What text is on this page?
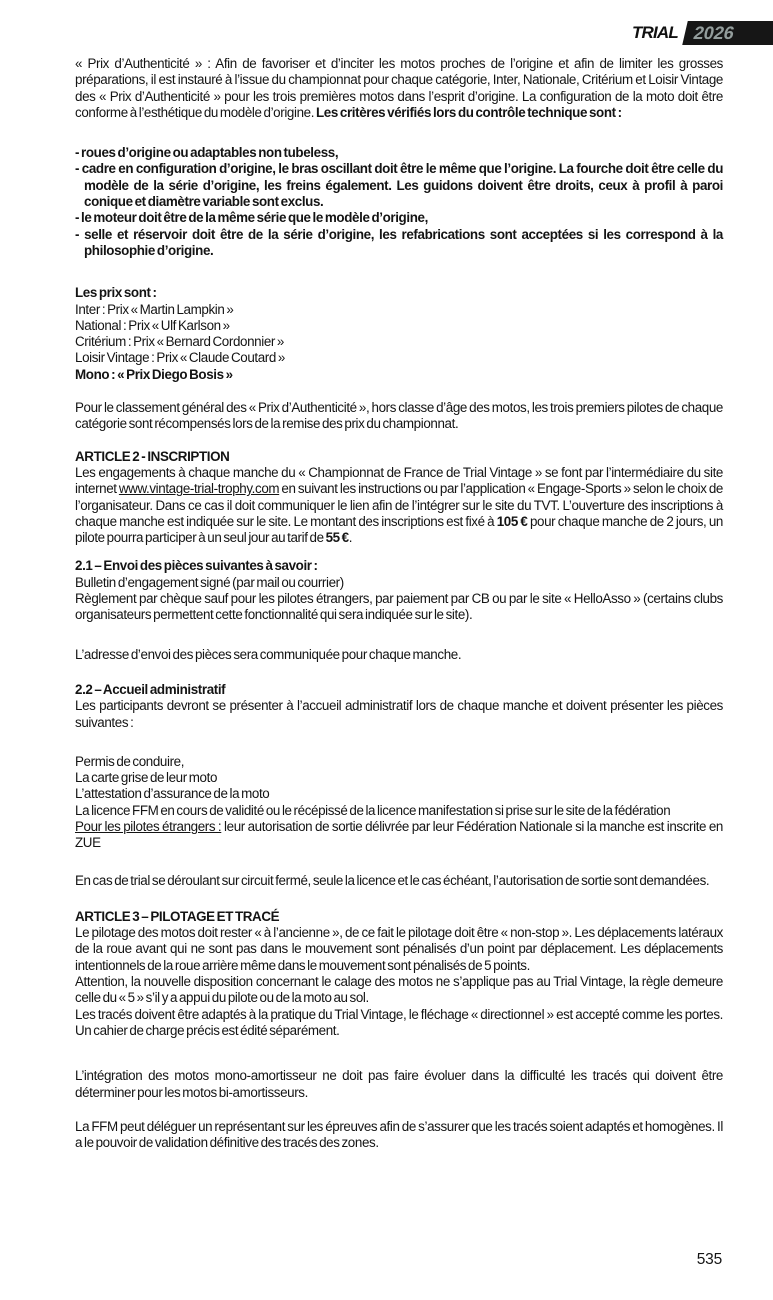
TRIAL 2026
« Prix d’Authenticité » : Afin de favoriser et d’inciter les motos proches de l’origine et afin de limiter les grosses préparations, il est instauré à l’issue du championnat pour chaque catégorie, Inter, Nationale, Critérium et Loisir Vintage des « Prix d’Authenticité » pour les trois premières motos dans l’esprit d’origine. La configuration de la moto doit être conforme à l’esthétique du modèle d’origine. Les critères vérifiés lors du contrôle technique sont :
- roues d’origine ou adaptables non tubeless,
- cadre en configuration d’origine, le bras oscillant doit être le même que l’origine. La fourche doit être celle du modèle de la série d’origine, les freins également. Les guidons doivent être droits, ceux à profil à paroi conique et diamètre variable sont exclus.
- le moteur doit être de la même série que le modèle d’origine,
- selle et réservoir doit être de la série d’origine, les refabrications sont acceptées si les correspond à la philosophie d’origine.
Les prix sont :
Inter : Prix « Martin Lampkin »
National : Prix « Ulf Karlson »
Critérium : Prix « Bernard Cordonnier »
Loisir Vintage : Prix « Claude Coutard »
Mono : « Prix Diego Bosis »
Pour le classement général des « Prix d’Authenticité », hors classe d’âge des motos, les trois premiers pilotes de chaque catégorie sont récompensés lors de la remise des prix du championnat.
ARTICLE 2 - INSCRIPTION
Les engagements à chaque manche du « Championnat de France de Trial Vintage » se font par l’intermédiaire du site internet www.vintage-trial-trophy.com en suivant les instructions ou par l’application « Engage-Sports » selon le choix de l’organisateur. Dans ce cas il doit communiquer le lien afin de l’intégrer sur le site du TVT. L’ouverture des inscriptions à chaque manche est indiquée sur le site. Le montant des inscriptions est fixé à 105 € pour chaque manche de 2 jours, un pilote pourra participer à un seul jour au tarif de 55 €.
2.1 – Envoi des pièces suivantes à savoir :
Bulletin d’engagement signé (par mail ou courrier)
Règlement par chèque sauf pour les pilotes étrangers, par paiement par CB ou par le site « HelloAsso » (certains clubs organisateurs permettent cette fonctionnalité qui sera indiquée sur le site).
L’adresse d’envoi des pièces sera communiquée pour chaque manche.
2.2 – Accueil administratif
Les participants devront se présenter à l’accueil administratif lors de chaque manche et doivent présenter les pièces suivantes :
Permis de conduire,
La carte grise de leur moto
L’attestation d’assurance de la moto
La licence FFM en cours de validité ou le récépissé de la licence manifestation si prise sur le site de la fédération
Pour les pilotes étrangers : leur autorisation de sortie délivrée par leur Fédération Nationale si la manche est inscrite en ZUE
En cas de trial se déroulant sur circuit fermé, seule la licence et le cas échéant, l’autorisation de sortie sont demandées.
ARTICLE 3 – PILOTAGE ET TRACÉ
Le pilotage des motos doit rester « à l’ancienne », de ce fait le pilotage doit être « non-stop ». Les déplacements latéraux de la roue avant qui ne sont pas dans le mouvement sont pénalisés d’un point par déplacement. Les déplacements intentionnels de la roue arrière même dans le mouvement sont pénalisés de 5 points.
Attention, la nouvelle disposition concernant le calage des motos ne s’applique pas au Trial Vintage, la règle demeure celle du « 5 » s’il y a appui du pilote ou de la moto au sol.
Les tracés doivent être adaptés à la pratique du Trial Vintage, le fléchage « directionnel » est accepté comme les portes. Un cahier de charge précis est édité séparément.
L’intégration des motos mono-amortisseur ne doit pas faire évoluer dans la difficulté les tracés qui doivent être déterminer pour les motos bi-amortisseurs.
La FFM peut déléguer un représentant sur les épreuves afin de s’assurer que les tracés soient adaptés et homogènes. Il a le pouvoir de validation définitive des tracés des zones.
535
